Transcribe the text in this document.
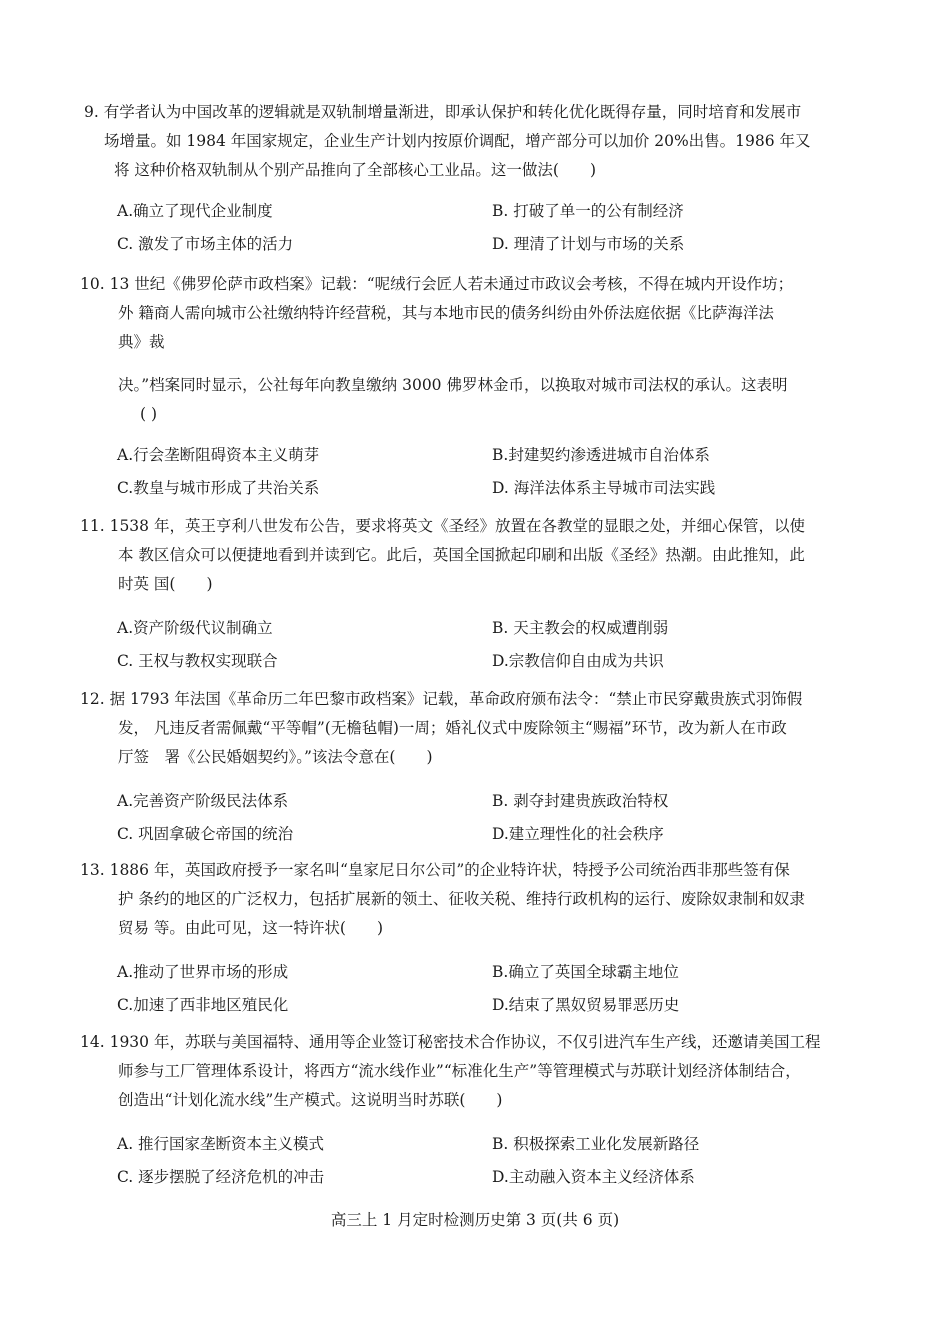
9. 有学者认为中国改革的逻辑就是双轨制增量渐进，即承认保护和转化优化既得存量，同时培育和发展市

场增量。如 1984 年国家规定，企业生产计划内按原价调配，增产部分可以加价 20%出售。1986 年又

将 这种价格双轨制从个别产品推向了全部核心工业品。这一做法(　　)

A.确立了现代企业制度	B. 打破了单一的公有制经济
C. 激发了市场主体的活力	D. 理清了计划与市场的关系

10. 13 世纪《佛罗伦萨市政档案》记载：“呢绒行会匠人若未通过市政议会考核，不得在城内开设作坊；

外 籍商人需向城市公社缴纳特许经营税，其与本地市民的债务纠纷由外侨法庭依据《比萨海洋法

典》裁

决。”档案同时显示，公社每年向教皇缴纳 3000 佛罗林金币，以换取对城市司法权的承认。这表明

( )

A.行会垄断阻碍资本主义萌芽	B.封建契约渗透进城市自治体系
C.教皇与城市形成了共治关系	D. 海洋法体系主导城市司法实践

11. 1538 年，英王亨利八世发布公告，要求将英文《圣经》放置在各教堂的显眼之处，并细心保管，以使

本 教区信众可以便捷地看到并读到它。此后，英国全国掀起印刷和出版《圣经》热潮。由此推知，此

时英 国(　　)

A.资产阶级代议制确立	B. 天主教会的权威遭削弱
C. 王权与教权实现联合	D.宗教信仰自由成为共识

12. 据 1793 年法国《革命历二年巴黎市政档案》记载，革命政府颁布法令：“禁止市民穿戴贵族式羽饰假

发， 凡违反者需佩戴“平等帽”(无檐毡帽)一周；婚礼仪式中废除领主“赐福”环节，改为新人在市政

厅签　署《公民婚姻契约》。”该法令意在(　　)

A.完善资产阶级民法体系	B. 剥夺封建贵族政治特权
C. 巩固拿破仑帝国的统治	D.建立理性化的社会秩序

13. 1886 年，英国政府授予一家名叫“皇家尼日尔公司”的企业特许状，特授予公司统治西非那些签有保

护 条约的地区的广泛权力，包括扩展新的领土、征收关税、维持行政机构的运行、废除奴隶制和奴隶

贸易 等。由此可见，这一特许状(　　)

A.推动了世界市场的形成	B.确立了英国全球霸主地位
C.加速了西非地区殖民化	D.结束了黑奴贸易罪恶历史

14. 1930 年，苏联与美国福特、通用等企业签订秘密技术合作协议，不仅引进汽车生产线，还邀请美国工程

师参与工厂管理体系设计，将西方“流水线作业”“标准化生产”等管理模式与苏联计划经济体制结合，

创造出“计划化流水线”生产模式。这说明当时苏联(　　)

A. 推行国家垄断资本主义模式	B. 积极探索工业化发展新路径
C. 逐步摆脱了经济危机的冲击	D.主动融入资本主义经济体系
高三上 1 月定时检测历史第 3 页(共 6 页)
